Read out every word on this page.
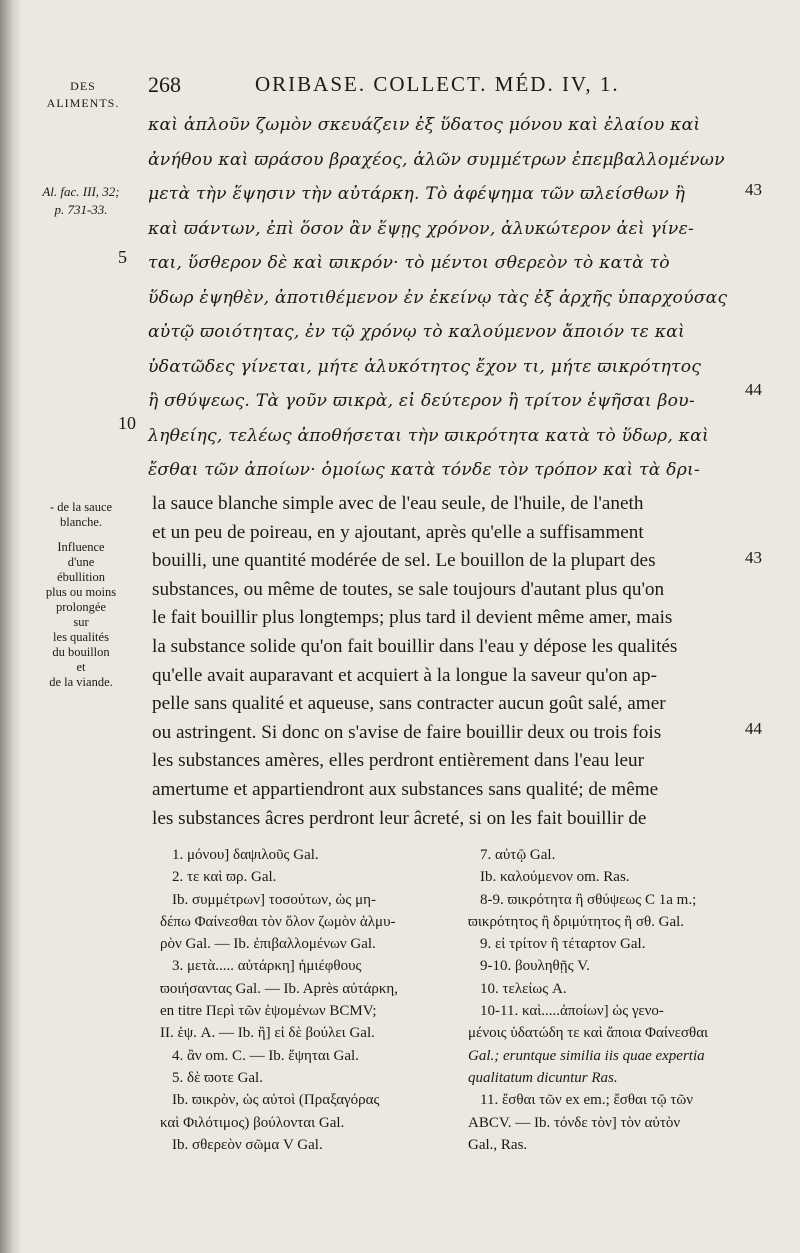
DES
ALIMENTS.
268	ORIBASE. COLLECT. MÉD. IV, 1.
Al. fac. III, 32;
p. 731-33.
καὶ ἁπλοῦν ζωμὸν σκευάζειν ἐξ ὕδατος μόνου καὶ ἐλαίου καὶ
ἀνήθου καὶ ϖράσου βραχέος, ἁλῶν συμμέτρων ἐπεμβαλλομένων
μετὰ τὴν ἕψησιν τὴν αὐτάρκη. Τὸ ἀφέψημα τῶν ϖλείσθων ἢ
καὶ ϖάντων, ἐπὶ ὅσον ἂν ἕψῃς χρόνον, ἁλυκώτερον ἀεὶ γίνε-
ται, ὕσθερον δὲ καὶ ϖικρόν· τὸ μέντοι σθερεὸν τὸ κατὰ τὸ
ὕδωρ ἑψηθὲν, ἀποτιθέμενον ἐν ἐκείνῳ τὰς ἐξ ἀρχῆς ὑπαρχούσας
αὐτῷ ϖοιότητας, ἐν τῷ χρόνῳ τὸ καλούμενον ἄποιόν τε καὶ
ὑδατῶδες γίνεται, μήτε ἁλυκότητος ἔχον τι, μήτε ϖικρότητος
ἢ σθύψεως. Τὰ γοῦν ϖικρὰ, εἰ δεύτερον ἢ τρίτον ἑψῆσαι βου-
ληθείης, τελέως ἀποθήσεται τὴν ϖικρότητα κατὰ τὸ ὕδωρ, καὶ
ἔσθαι τῶν ἀποίων· ὁμοίως κατὰ τόνδε τὸν τρόπον καὶ τὰ δρι-
5
10
43
44
- de la sauce
blanche.
Influence
d'une
ébullition
plus ou moins
prolongée
sur
les qualités
du bouillon
et
de la viande.
la sauce blanche simple avec de l'eau seule, de l'huile, de l'aneth
et un peu de poireau, en y ajoutant, après qu'elle a suffisamment
bouilli, une quantité modérée de sel. Le bouillon de la plupart des
substances, ou même de toutes, se sale toujours d'autant plus qu'on
le fait bouillir plus longtemps; plus tard il devient même amer, mais
la substance solide qu'on fait bouillir dans l'eau y dépose les qualités
qu'elle avait auparavant et acquiert à la longue la saveur qu'on ap-
pelle sans qualité et aqueuse, sans contracter aucun goût salé, amer
ou astringent. Si donc on s'avise de faire bouillir deux ou trois fois
les substances amères, elles perdront entièrement dans l'eau leur
amertume et appartiendront aux substances sans qualité; de même
les substances âcres perdront leur âcreté, si on les fait bouillir de
43
44
1. μόνου] δαψιλοῦς Gal.
2. τε καὶ ϖρ. Gal.
Ib. συμμέτρων] τοσούτων, ὡς μη-
δέπω Φαίνεσθαι τὸν ὅλον ζωμὸν ἁλμυ-
ρὸν Gal. — Ib. ἐπιβαλλομένων Gal.
3. μετὰ..... αὐτάρκη] ἡμιέφθους
ϖοιήσαντας Gal. — Ib. Après αὐτάρκη,
en titre Περὶ τῶν ἑψομένων BCMV;
II. ἑψ. A. — Ib. ἢ] εἰ δὲ βούλει Gal.
4. ἂν om. C. — Ib. ἕψηται Gal.
5. δὲ ϖοτε Gal.
Ib. ϖικρὸν, ὡς αὐτοὶ (Πραξαγόρας
καὶ Φιλότιμος) βούλονται Gal.
Ib. σθερεὸν σῶμα V Gal.
7. αὐτῷ Gal.
Ib. καλούμενον om. Ras.
8-9. ϖικρότητα ἢ σθύψεως C 1a m.;
ϖικρότητος ἢ δριμύτητος ἢ σθ. Gal.
9. εἰ τρίτον ἢ τέταρτον Gal.
9-10. βουληθῇς V.
10. τελείως A.
10-11. καὶ.....ἀποίων] ὡς γενο-
μένοις ὑδατώδη τε καὶ ἄποια Φαίνεσθαι
Gal.; eruntque similia iis quae expertia
qualitatum dicuntur Ras.
11. ἔσθαι τῶν ex em.; ἔσθαι τῷ τῶν
ABCV. — Ib. τόνδε τὸν] τὸν αὐτὸν
Gal., Ras.
